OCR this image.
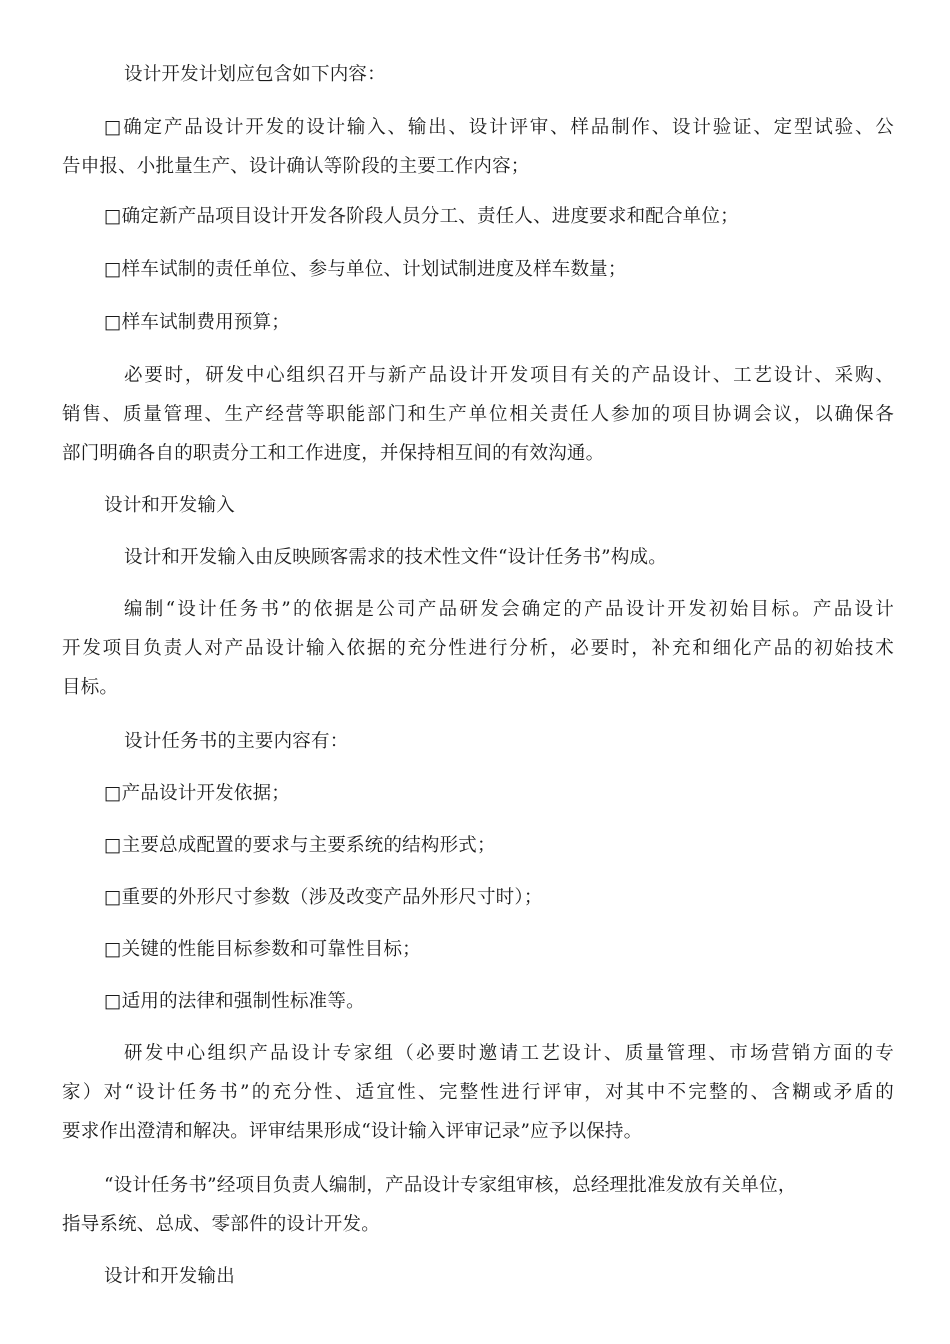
设计开发计划应包含如下内容：
□确定产品设计开发的设计输入、输出、设计评审、样品制作、设计验证、定型试验、公
告申报、小批量生产、设计确认等阶段的主要工作内容；
□确定新产品项目设计开发各阶段人员分工、责任人、进度要求和配合单位；
□样车试制的责任单位、参与单位、计划试制进度及样车数量；
□样车试制费用预算；
必要时，研发中心组织召开与新产品设计开发项目有关的产品设计、工艺设计、采购、
销售、质量管理、生产经营等职能部门和生产单位相关责任人参加的项目协调会议，以确保各
部门明确各自的职责分工和工作进度，并保持相互间的有效沟通。
设计和开发输入
设计和开发输入由反映顾客需求的技术性文件“设计任务书”构成。
编制“设计任务书”的依据是公司产品研发会确定的产品设计开发初始目标。产品设计
开发项目负责人对产品设计输入依据的充分性进行分析，必要时，补充和细化产品的初始技术
目标。
设计任务书的主要内容有：
□产品设计开发依据；
□主要总成配置的要求与主要系统的结构形式；
□重要的外形尺寸参数（涉及改变产品外形尺寸时）；
□关键的性能目标参数和可靠性目标；
□适用的法律和强制性标准等。
研发中心组织产品设计专家组（必要时邀请工艺设计、质量管理、市场营销方面的专
家）对“设计任务书”的充分性、适宜性、完整性进行评审，对其中不完整的、含糊或矛盾的
要求作出澄清和解决。评审结果形成“设计输入评审记录”应予以保持。
“设计任务书”经项目负责人编制，产品设计专家组审核，总经理批准发放有关单位，
指导系统、总成、零部件的设计开发。
设计和开发输出
